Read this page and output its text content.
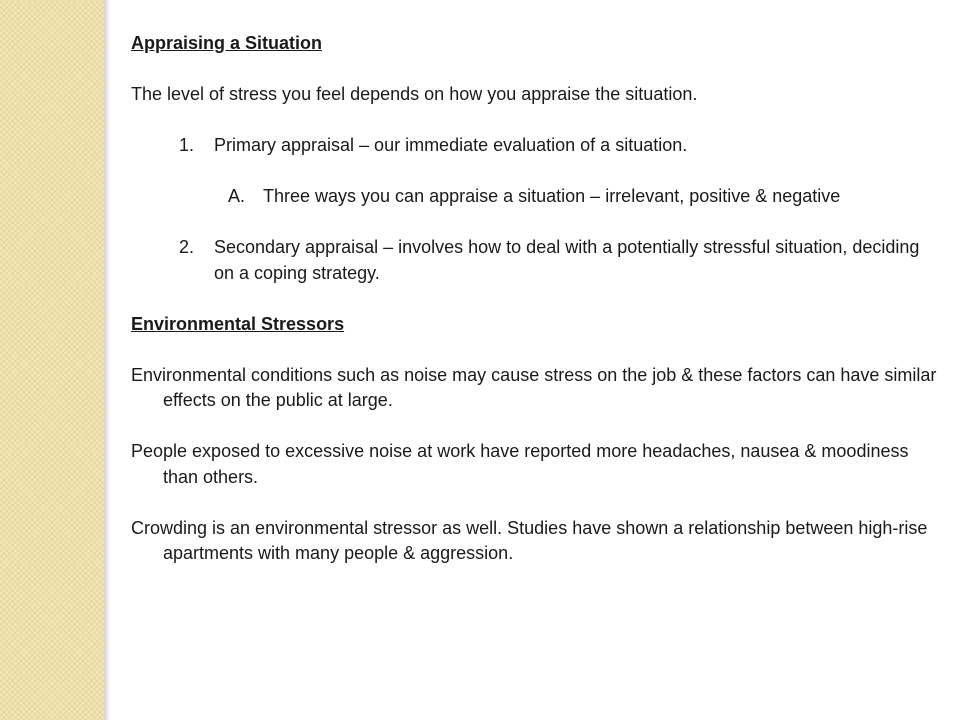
Appraising a Situation

The level of stress you feel depends on how you appraise the situation.

1.	Primary appraisal – our immediate evaluation of a situation.
A. Three ways you can appraise a situation – irrelevant, positive & negative
2.	Secondary appraisal – involves how to deal with a potentially stressful situation, deciding on a coping strategy.

Environmental Stressors

Environmental conditions such as noise may cause stress on the job & these factors can have similar effects on the public at large.

People exposed to excessive noise at work have reported more headaches, nausea & moodiness than others.

Crowding is an environmental stressor as well. Studies have shown a relationship between high-rise apartments with many people & aggression.
